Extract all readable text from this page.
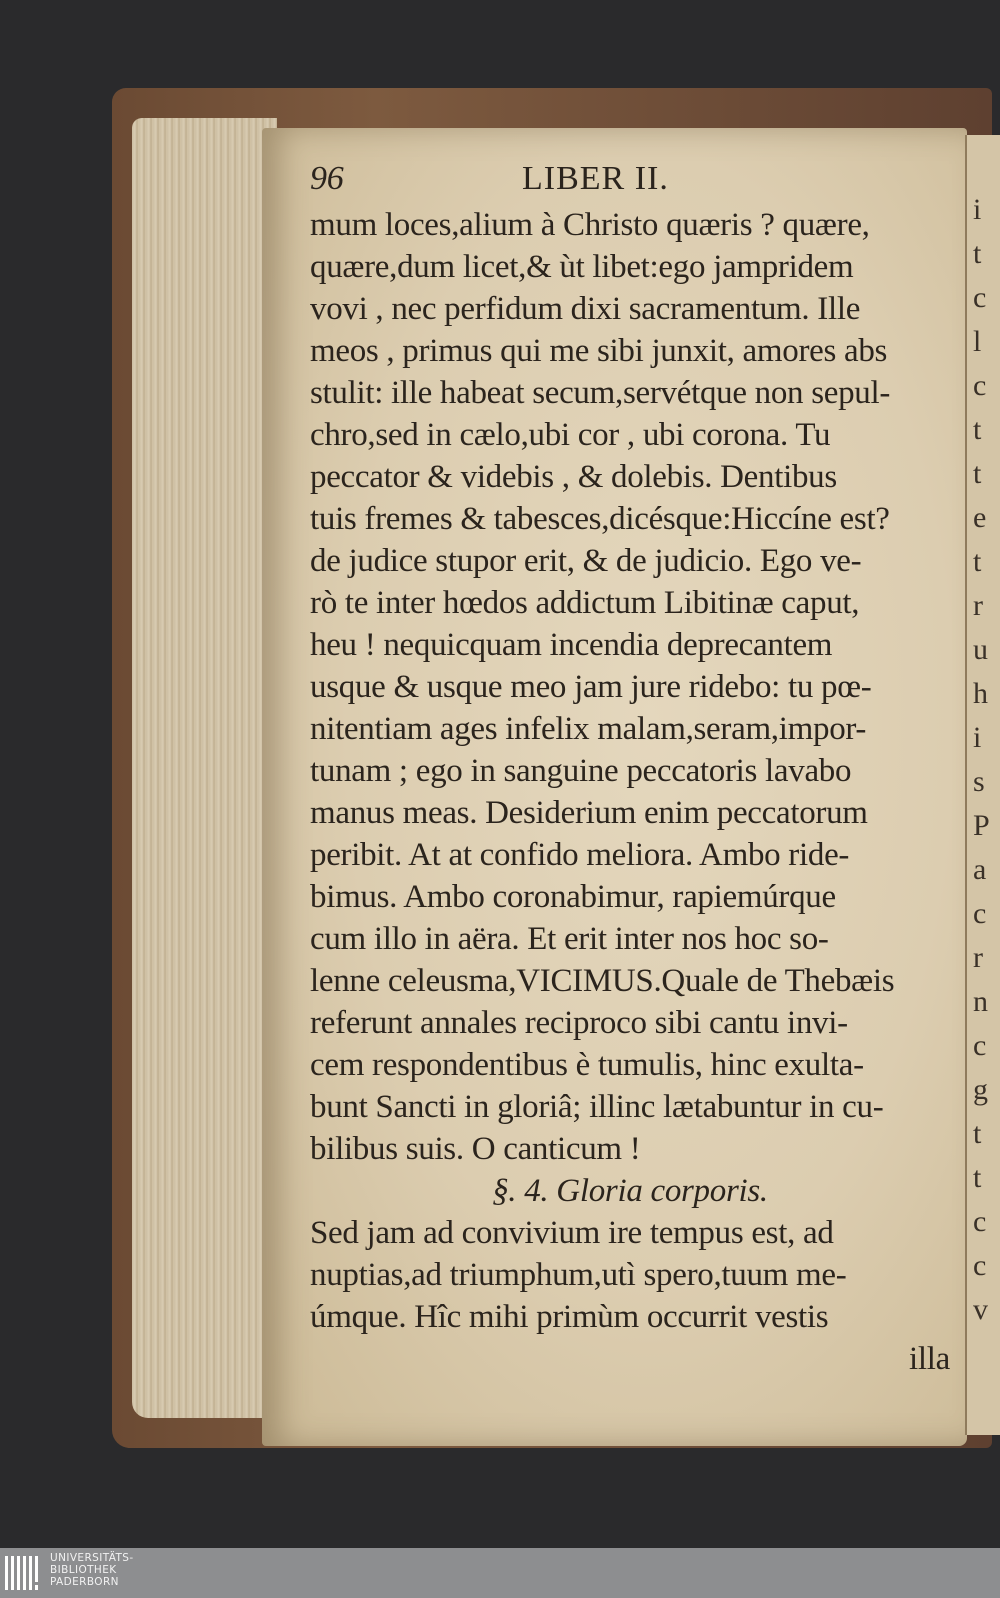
i
t
c
l
c
t
t
e
t
r
u
h
i
s
P
a
c
r
n
c
g
t
t
c
c
v
96	LIBER II.
mum loces,alium à Christo quæris ? quære,
quære,dum licet,& ùt libet:ego jampridem
vovi , nec perfidum dixi sacramentum. Ille
meos , primus qui me sibi junxit, amores abs
stulit: ille habeat secum,servétque non sepul-
chro,sed in cælo,ubi cor , ubi corona. Tu
peccator & videbis , & dolebis. Dentibus
tuis fremes & tabesces,dicésque:Hiccíne est?
de judice stupor erit, & de judicio. Ego ve-
rò te inter hœdos addictum Libitinæ caput,
heu ! nequicquam incendia deprecantem
usque & usque meo jam jure ridebo: tu pœ-
nitentiam ages infelix malam,seram,impor-
tunam ; ego in sanguine peccatoris lavabo
manus meas. Desiderium enim peccatorum
peribit. At at confido meliora. Ambo ride-
bimus. Ambo coronabimur, rapiemúrque
cum illo in aëra. Et erit inter nos hoc so-
lenne celeusma,VICIMUS.Quale de Thebæis
referunt annales reciproco sibi cantu invi-
cem respondentibus è tumulis, hinc exulta-
bunt Sancti in gloriâ; illinc lætabuntur in cu-
bilibus suis. O canticum !
§. 4. Gloria corporis.
Sed jam ad convivium ire tempus est, ad
nuptias,ad triumphum,utì spero,tuum me-
úmque. Hîc mihi primùm occurrit vestis
illa
UNIVERSITÄTS-
BIBLIOTHEK
PADERBORN
